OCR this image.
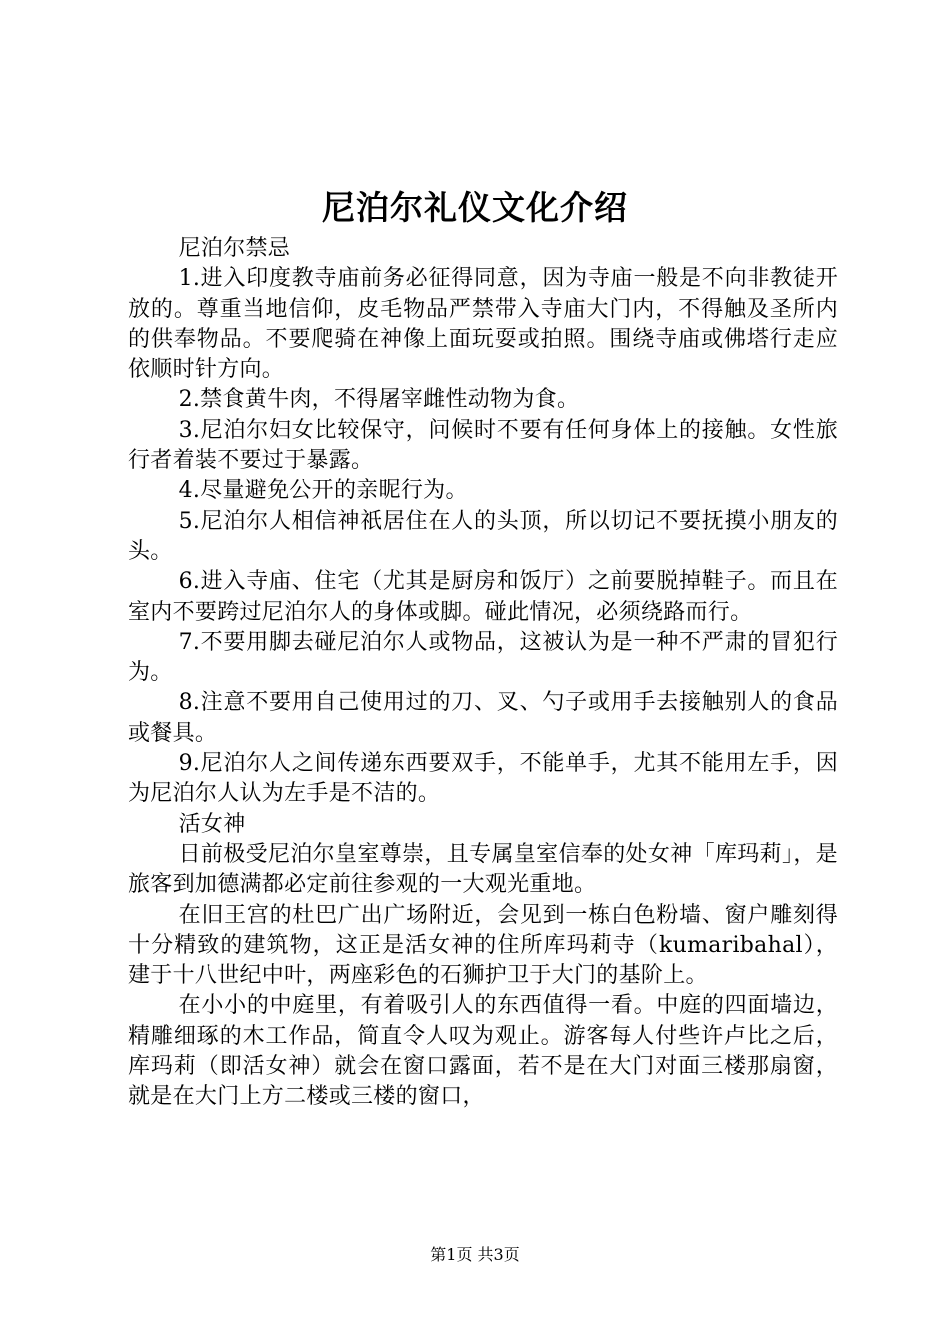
尼泊尔礼仪文化介绍

尼泊尔禁忌

1.进入印度教寺庙前务必征得同意，因为寺庙一般是不向非教徒开放的。尊重当地信仰，皮毛物品严禁带入寺庙大门内，不得触及圣所内的供奉物品。不要爬骑在神像上面玩耍或拍照。围绕寺庙或佛塔行走应依顺时针方向。

2.禁食黄牛肉，不得屠宰雌性动物为食。

3.尼泊尔妇女比较保守，问候时不要有任何身体上的接触。女性旅行者着装不要过于暴露。

4.尽量避免公开的亲昵行为。

5.尼泊尔人相信神祇居住在人的头顶，所以切记不要抚摸小朋友的头。

6.进入寺庙、住宅（尤其是厨房和饭厅）之前要脱掉鞋子。而且在室内不要跨过尼泊尔人的身体或脚。碰此情况，必须绕路而行。

7.不要用脚去碰尼泊尔人或物品，这被认为是一种不严肃的冒犯行为。

8.注意不要用自己使用过的刀、叉、勺子或用手去接触别人的食品或餐具。

9.尼泊尔人之间传递东西要双手，不能单手，尤其不能用左手，因为尼泊尔人认为左手是不洁的。

活女神

日前极受尼泊尔皇室尊崇，且专属皇室信奉的处女神「库玛莉」，是旅客到加德满都必定前往参观的一大观光重地。

在旧王宫的杜巴广出广场附近，会见到一栋白色粉墙、窗户雕刻得十分精致的建筑物，这正是活女神的住所库玛莉寺（kumaribahal），建于十八世纪中叶，两座彩色的石狮护卫于大门的基阶上。

在小小的中庭里，有着吸引人的东西值得一看。中庭的四面墙边，精雕细琢的木工作品，简直令人叹为观止。游客每人付些许卢比之后，库玛莉（即活女神）就会在窗口露面，若不是在大门对面三楼那扇窗，就是在大门上方二楼或三楼的窗口，

第1页 共3页
